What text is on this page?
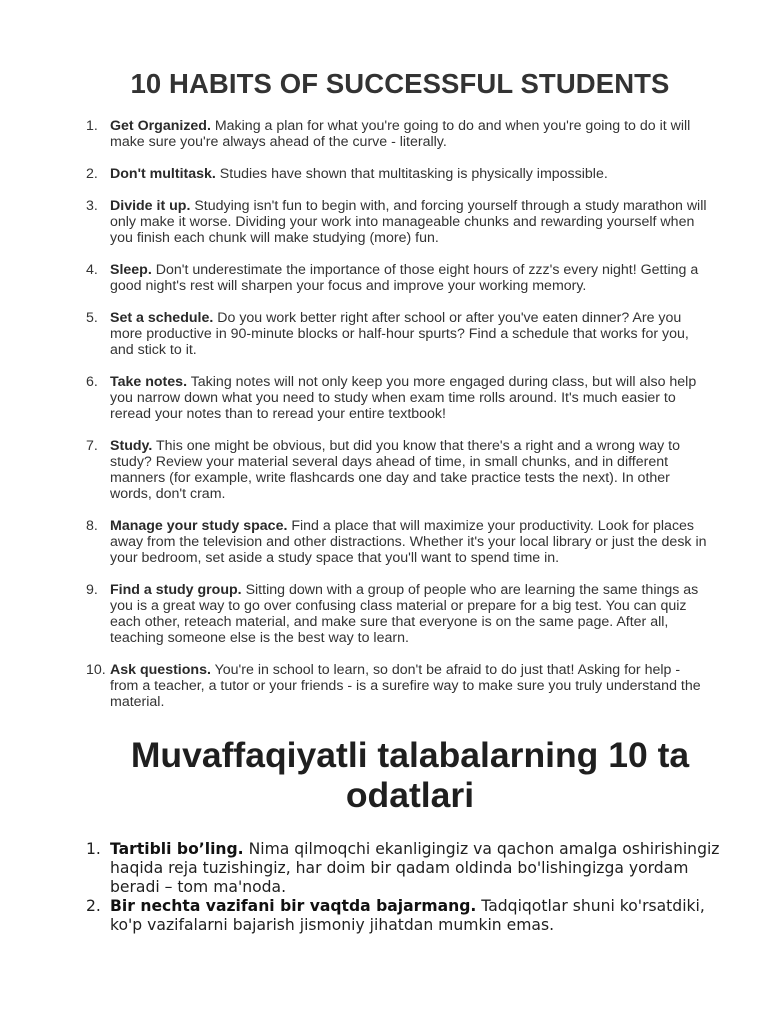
10 HABITS OF SUCCESSFUL STUDENTS
1. Get Organized. Making a plan for what you're going to do and when you're going to do it will make sure you're always ahead of the curve - literally.
2. Don't multitask. Studies have shown that multitasking is physically impossible.
3. Divide it up. Studying isn't fun to begin with, and forcing yourself through a study marathon will only make it worse. Dividing your work into manageable chunks and rewarding yourself when you finish each chunk will make studying (more) fun.
4. Sleep. Don't underestimate the importance of those eight hours of zzz's every night! Getting a good night's rest will sharpen your focus and improve your working memory.
5. Set a schedule. Do you work better right after school or after you've eaten dinner? Are you more productive in 90-minute blocks or half-hour spurts? Find a schedule that works for you, and stick to it.
6. Take notes. Taking notes will not only keep you more engaged during class, but will also help you narrow down what you need to study when exam time rolls around. It's much easier to reread your notes than to reread your entire textbook!
7. Study. This one might be obvious, but did you know that there's a right and a wrong way to study? Review your material several days ahead of time, in small chunks, and in different manners (for example, write flashcards one day and take practice tests the next). In other words, don't cram.
8. Manage your study space. Find a place that will maximize your productivity. Look for places away from the television and other distractions. Whether it's your local library or just the desk in your bedroom, set aside a study space that you'll want to spend time in.
9. Find a study group. Sitting down with a group of people who are learning the same things as you is a great way to go over confusing class material or prepare for a big test. You can quiz each other, reteach material, and make sure that everyone is on the same page. After all, teaching someone else is the best way to learn.
10. Ask questions. You're in school to learn, so don't be afraid to do just that! Asking for help - from a teacher, a tutor or your friends - is a surefire way to make sure you truly understand the material.
Muvaffaqiyatli talabalarning 10 ta odatlari
1. Tartibli bo’ling. Nima qilmoqchi ekanligingiz va qachon amalga oshirishingiz haqida reja tuzishingiz, har doim bir qadam oldinda bo'lishingizga yordam beradi – tom ma'noda.
2. Bir nechta vazifani bir vaqtda bajarmang. Tadqiqotlar shuni ko'rsatdiki, ko'p vazifalarni bajarish jismoniy jihatdan mumkin emas.
